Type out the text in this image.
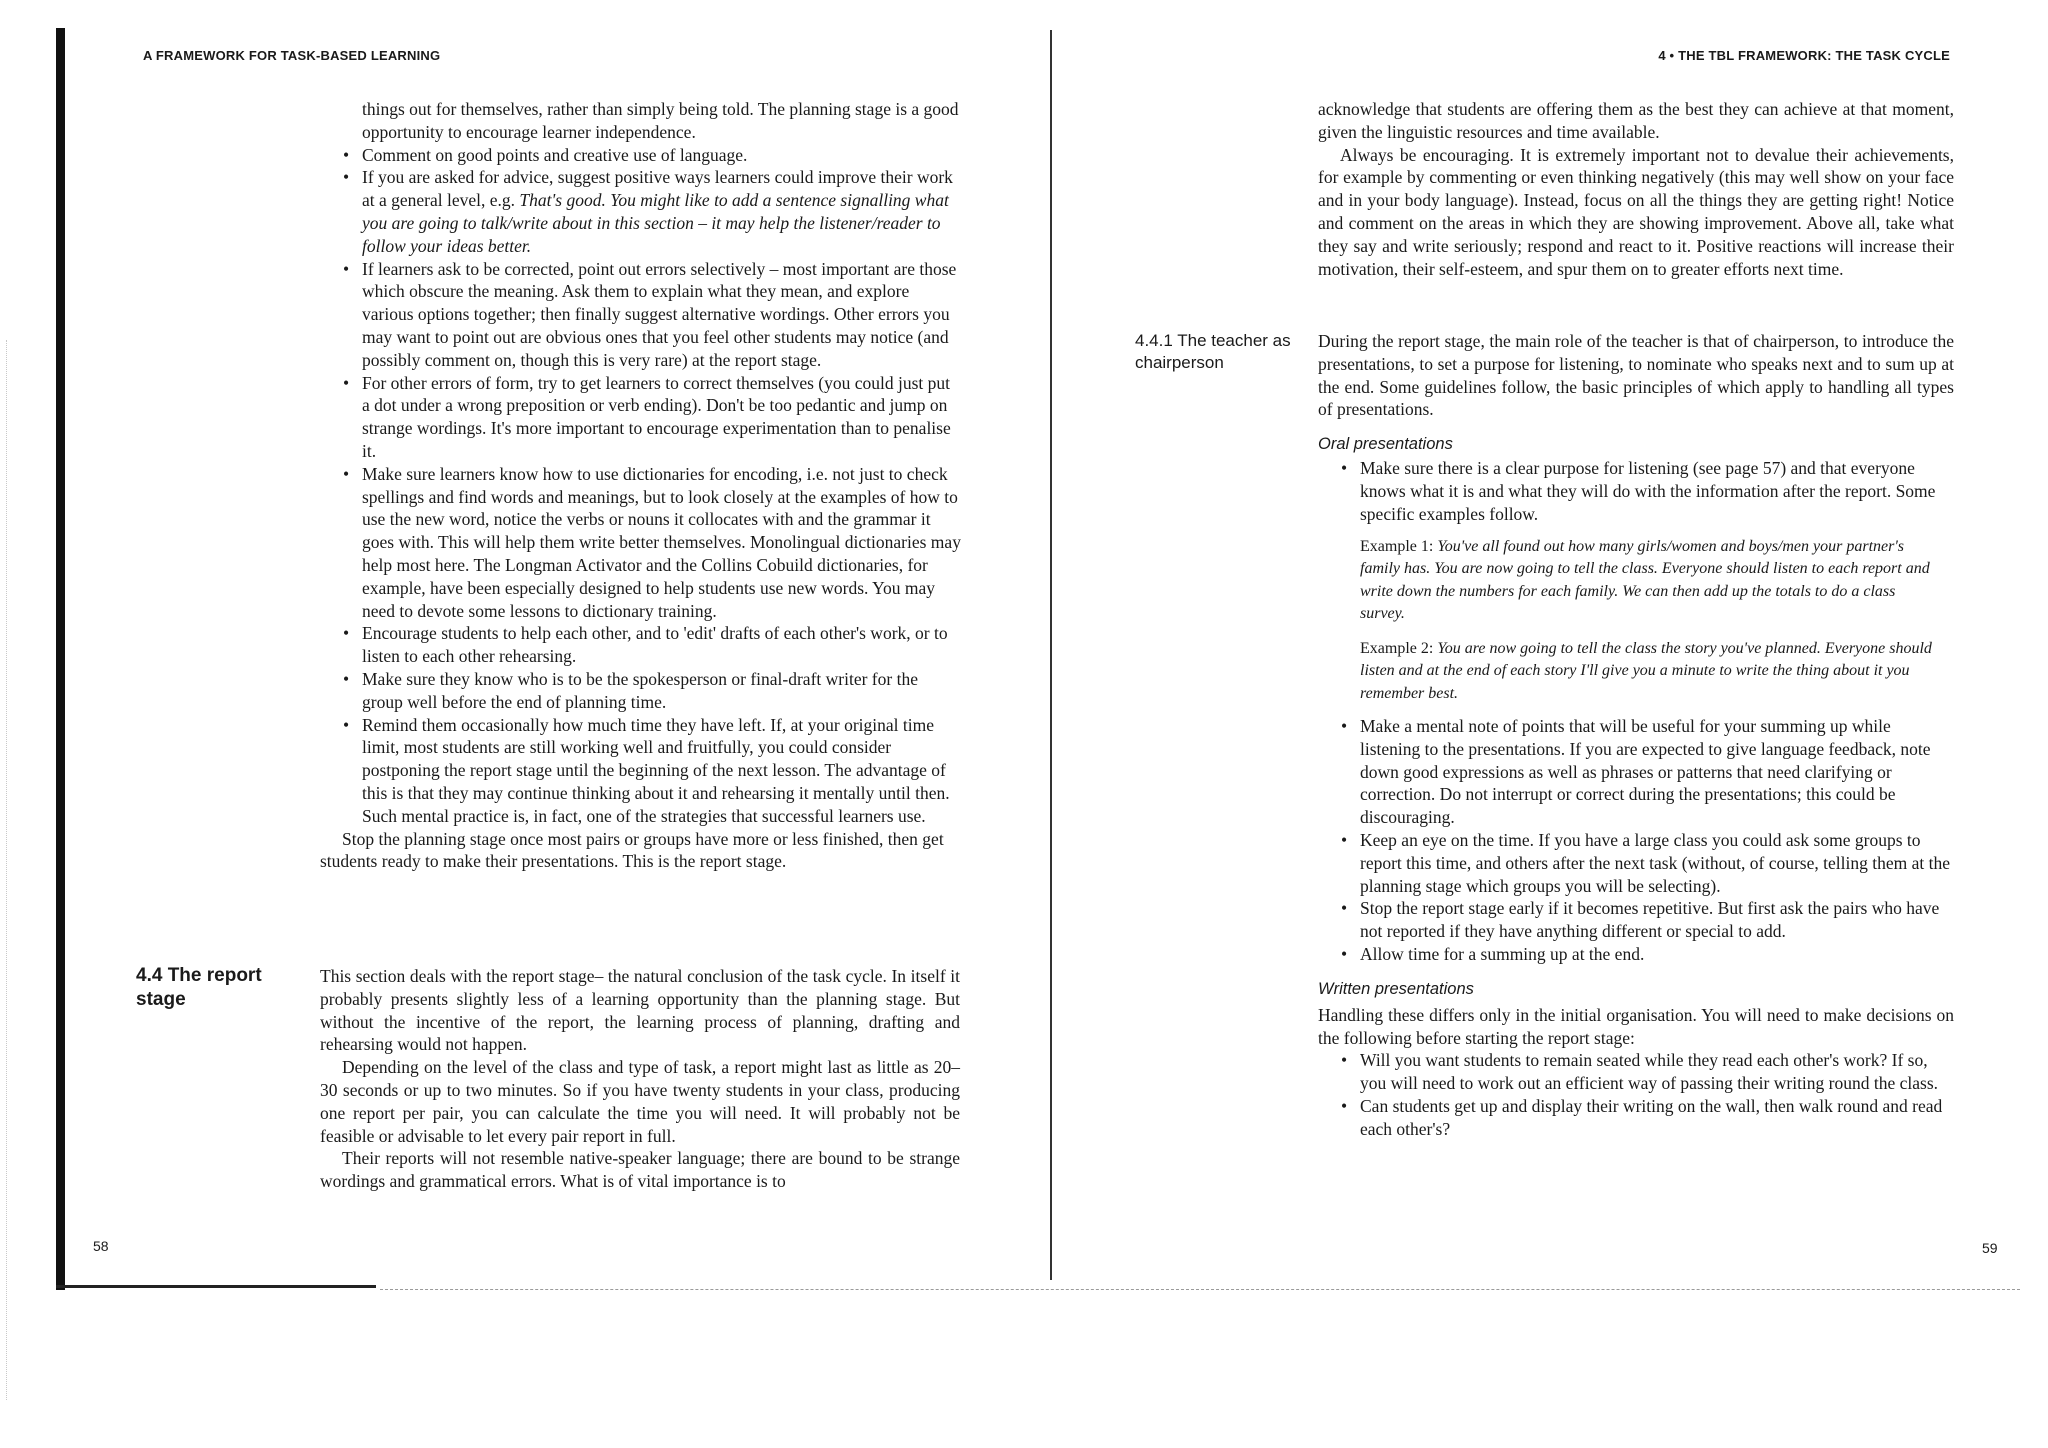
A FRAMEWORK FOR TASK-BASED LEARNING

things out for themselves, rather than simply being told. The planning stage is a good opportunity to encourage learner independence.

• Comment on good points and creative use of language.
• If you are asked for advice, suggest positive ways learners could improve their work at a general level, e.g. That's good. You might like to add a sentence signalling what you are going to talk/write about in this section – it may help the listener/reader to follow your ideas better.
• If learners ask to be corrected, point out errors selectively – most important are those which obscure the meaning. Ask them to explain what they mean, and explore various options together; then finally suggest alternative wordings. Other errors you may want to point out are obvious ones that you feel other students may notice (and possibly comment on, though this is very rare) at the report stage.
• For other errors of form, try to get learners to correct themselves (you could just put a dot under a wrong preposition or verb ending). Don't be too pedantic and jump on strange wordings. It's more important to encourage experimentation than to penalise it.
• Make sure learners know how to use dictionaries for encoding, i.e. not just to check spellings and find words and meanings, but to look closely at the examples of how to use the new word, notice the verbs or nouns it collocates with and the grammar it goes with. This will help them write better themselves. Monolingual dictionaries may help most here. The Longman Activator and the Collins Cobuild dictionaries, for example, have been especially designed to help students use new words. You may need to devote some lessons to dictionary training.
• Encourage students to help each other, and to 'edit' drafts of each other's work, or to listen to each other rehearsing.
• Make sure they know who is to be the spokesperson or final-draft writer for the group well before the end of planning time.
• Remind them occasionally how much time they have left. If, at your original time limit, most students are still working well and fruitfully, you could consider postponing the report stage until the beginning of the next lesson. The advantage of this is that they may continue thinking about it and rehearsing it mentally until then. Such mental practice is, in fact, one of the strategies that successful learners use.

Stop the planning stage once most pairs or groups have more or less finished, then get students ready to make their presentations. This is the report stage.

4.4 The report stage

This section deals with the report stage– the natural conclusion of the task cycle. In itself it probably presents slightly less of a learning opportunity than the planning stage. But without the incentive of the report, the learning process of planning, drafting and rehearsing would not happen.

Depending on the level of the class and type of task, a report might last as little as 20–30 seconds or up to two minutes. So if you have twenty students in your class, producing one report per pair, you can calculate the time you will need. It will probably not be feasible or advisable to let every pair report in full.

Their reports will not resemble native-speaker language; there are bound to be strange wordings and grammatical errors. What is of vital importance is to

58
4 • THE TBL FRAMEWORK: THE TASK CYCLE

acknowledge that students are offering them as the best they can achieve at that moment, given the linguistic resources and time available.

Always be encouraging. It is extremely important not to devalue their achievements, for example by commenting or even thinking negatively (this may well show on your face and in your body language). Instead, focus on all the things they are getting right! Notice and comment on the areas in which they are showing improvement. Above all, take what they say and write seriously; respond and react to it. Positive reactions will increase their motivation, their self-esteem, and spur them on to greater efforts next time.

4.4.1 The teacher as chairperson

During the report stage, the main role of the teacher is that of chairperson, to introduce the presentations, to set a purpose for listening, to nominate who speaks next and to sum up at the end. Some guidelines follow, the basic principles of which apply to handling all types of presentations.

Oral presentations
• Make sure there is a clear purpose for listening (see page 57) and that everyone knows what it is and what they will do with the information after the report. Some specific examples follow.
Example 1: You've all found out how many girls/women and boys/men your partner's family has. You are now going to tell the class. Everyone should listen to each report and write down the numbers for each family. We can then add up the totals to do a class survey.
Example 2: You are now going to tell the class the story you've planned. Everyone should listen and at the end of each story I'll give you a minute to write the thing about it you remember best.
• Make a mental note of points that will be useful for your summing up while listening to the presentations. If you are expected to give language feedback, note down good expressions as well as phrases or patterns that need clarifying or correction. Do not interrupt or correct during the presentations; this could be discouraging.
• Keep an eye on the time. If you have a large class you could ask some groups to report this time, and others after the next task (without, of course, telling them at the planning stage which groups you will be selecting).
• Stop the report stage early if it becomes repetitive. But first ask the pairs who have not reported if they have anything different or special to add.
• Allow time for a summing up at the end.
Written presentations

Handling these differs only in the initial organisation. You will need to make decisions on the following before starting the report stage:

• Will you want students to remain seated while they read each other's work? If so, you will need to work out an efficient way of passing their writing round the class.
• Can students get up and display their writing on the wall, then walk round and read each other's?
59
